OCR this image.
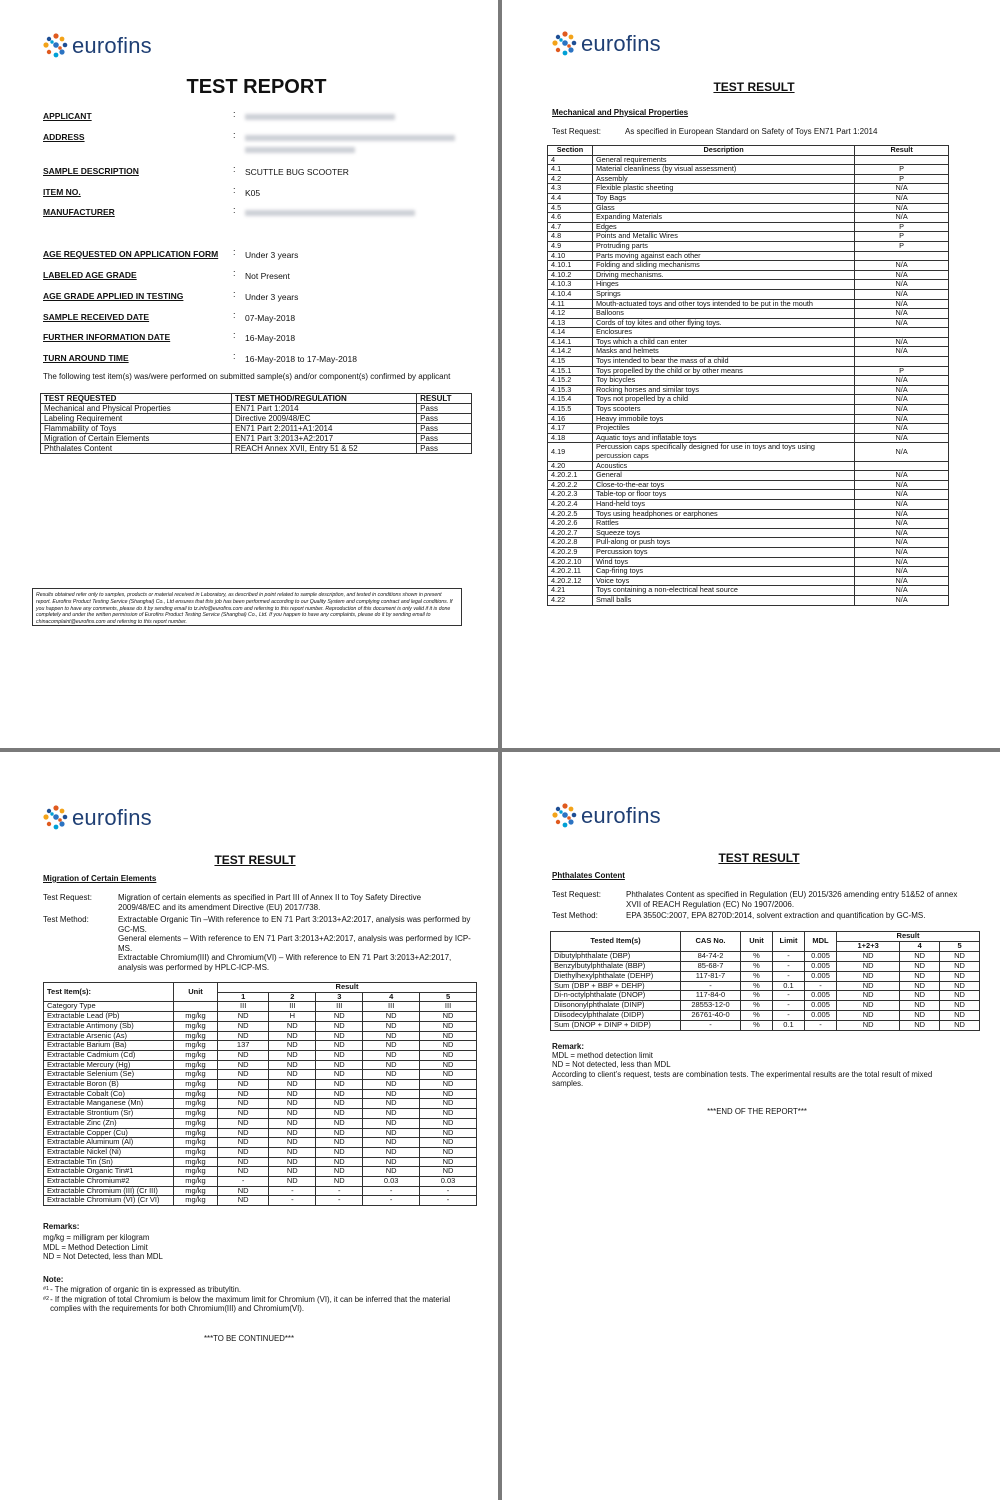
eurofins
TEST REPORT
APPLICANT	:
ADDRESS	:
SAMPLE DESCRIPTION	: SCUTTLE BUG SCOOTER
ITEM NO.	: K05
MANUFACTURER	:
AGE REQUESTED ON APPLICATION FORM : Under 3 years
LABELED AGE GRADE	: Not Present
AGE GRADE APPLIED IN TESTING	: Under 3 years
SAMPLE RECEIVED DATE	: 07-May-2018
FURTHER INFORMATION DATE	: 16-May-2018
TURN AROUND TIME	: 16-May-2018 to 17-May-2018
The following test item(s) was/were performed on submitted sample(s) and/or component(s) confirmed by applicant
TEST REQUESTED	TEST METHOD/REGULATION	RESULT
Mechanical and Physical Properties	EN71 Part 1:2014	Pass
Labeling Requirement	Directive 2009/48/EC	Pass
Flammability of Toys	EN71 Part 2:2011+A1:2014	Pass
Migration of Certain Elements	EN71 Part 3:2013+A2:2017	Pass
Phthalates Content	REACH Annex XVII, Entry 51 & 52	Pass
Results obtained refer only to samples, products or material received in Laboratory, as described in point related to sample description, and tested in conditions shown in present report. Eurofins Product Testing Service (Shanghai) Co., Ltd ensures that this job has been performed according to our Quality System and complying contract and legal conditions. If you happen to have any comments, please do it by sending email to tz.info@eurofins.com and referring to this report number. Reproduction of this document is only valid if it is done completely and under the written permission of Eurofins Product Testing Service (Shanghai) Co., Ltd. If you happen to have any complaints, please do it by sending email to chinacomplaint@eurofins.com and referring to this report number.
eurofins
TEST RESULT
Mechanical and Physical Properties
Test Request:	As specified in European Standard on Safety of Toys EN71 Part 1:2014
Section	Description	Result
4	General requirements	
4.1	Material cleanliness (by visual assessment)	P
4.2	Assembly	P
4.3	Flexible plastic sheeting	N/A
4.4	Toy Bags	N/A
4.5	Glass	N/A
4.6	Expanding Materials	N/A
4.7	Edges	P
4.8	Points and Metallic Wires	P
4.9	Protruding parts	P
4.10	Parts moving against each other	
4.10.1	Folding and sliding mechanisms	N/A
4.10.2	Driving mechanisms.	N/A
4.10.3	Hinges	N/A
4.10.4	Springs	N/A
4.11	Mouth-actuated toys and other toys intended to be put in the mouth	N/A
4.12	Balloons	N/A
4.13	Cords of toy kites and other flying toys.	N/A
4.14	Enclosures	
4.14.1	Toys which a child can enter	N/A
4.14.2	Masks and helmets	N/A
4.15	Toys intended to bear the mass of a child	
4.15.1	Toys propelled by the child or by other means	P
4.15.2	Toy bicycles	N/A
4.15.3	Rocking horses and similar toys	N/A
4.15.4	Toys not propelled by a child	N/A
4.15.5	Toys scooters	N/A
4.16	Heavy immobile toys	N/A
4.17	Projectiles	N/A
4.18	Aquatic toys and inflatable toys	N/A
4.19	Percussion caps specifically designed for use in toys and toys using percussion caps	N/A
4.20	Acoustics	
4.20.2.1	General	N/A
4.20.2.2	Close-to-the-ear toys	N/A
4.20.2.3	Table-top or floor toys	N/A
4.20.2.4	Hand-held toys	N/A
4.20.2.5	Toys using headphones or earphones	N/A
4.20.2.6	Rattles	N/A
4.20.2.7	Squeeze toys	N/A
4.20.2.8	Pull-along or push toys	N/A
4.20.2.9	Percussion toys	N/A
4.20.2.10	Wind toys	N/A
4.20.2.11	Cap-firing toys	N/A
4.20.2.12	Voice toys	N/A
4.21	Toys containing a non-electrical heat source	N/A
4.22	Small balls	N/A
eurofins
TEST RESULT
Migration of Certain Elements
Test Request:	Migration of certain elements as specified in Part III of Annex II to Toy Safety Directive 2009/48/EC and its amendment Directive (EU) 2017/738.
Test Method:	Extractable Organic Tin –With reference to EN 71 Part 3:2013+A2:2017, analysis was performed by GC-MS.
General elements – With reference to EN 71 Part 3:2013+A2:2017, analysis was performed by ICP-MS.
Extractable Chromium(III) and Chromium(VI) – With reference to EN 71 Part 3:2013+A2:2017, analysis was performed by HPLC-ICP-MS.
Test Item(s):	Unit	Result				
		1	2	3	4	5
Category Type		III	III	III	III	III
Extractable Lead (Pb)	mg/kg	ND	H	ND	ND	ND
Extractable Antimony (Sb)	mg/kg	ND	ND	ND	ND	ND
Extractable Arsenic (As)	mg/kg	ND	ND	ND	ND	ND
Extractable Barium (Ba)	mg/kg	137	ND	ND	ND	ND
Extractable Cadmium (Cd)	mg/kg	ND	ND	ND	ND	ND
Extractable Mercury (Hg)	mg/kg	ND	ND	ND	ND	ND
Extractable Selenium (Se)	mg/kg	ND	ND	ND	ND	ND
Extractable Boron (B)	mg/kg	ND	ND	ND	ND	ND
Extractable Cobalt (Co)	mg/kg	ND	ND	ND	ND	ND
Extractable Manganese (Mn)	mg/kg	ND	ND	ND	ND	ND
Extractable Strontium (Sr)	mg/kg	ND	ND	ND	ND	ND
Extractable Zinc (Zn)	mg/kg	ND	ND	ND	ND	ND
Extractable Copper (Cu)	mg/kg	ND	ND	ND	ND	ND
Extractable Aluminum (Al)	mg/kg	ND	ND	ND	ND	ND
Extractable Nickel (Ni)	mg/kg	ND	ND	ND	ND	ND
Extractable Tin (Sn)	mg/kg	ND	ND	ND	ND	ND
Extractable Organic Tin#1	mg/kg	ND	ND	ND	ND	ND
Extractable Chromium#2	mg/kg	-	ND	ND	0.03	0.03
Extractable Chromium (III) (Cr III)	mg/kg	ND	-	-	-	-
Extractable Chromium (VI) (Cr VI)	mg/kg	ND	-	-	-	-
Remarks:
mg/kg = milligram per kilogram
MDL = Method Detection Limit
ND = Not Detected, less than MDL
Note:
#1 - The migration of organic tin is expressed as tributyltin.
#2 - If the migration of total Chromium is below the maximum limit for Chromium (VI), it can be inferred that the material complies with the requirements for both Chromium(III) and Chromium(VI).
***TO BE CONTINUED***
eurofins
TEST RESULT
Phthalates Content
Test Request:	Phthalates Content as specified in Regulation (EU) 2015/326 amending entry 51&52 of annex XVII of REACH Regulation (EC) No 1907/2006.
Test Method:	EPA 3550C:2007, EPA 8270D:2014, solvent extraction and quantification by GC-MS.
Tested Item(s)	CAS No.	Unit	Limit	MDL	Result		
					1+2+3	4	5
Dibutylphthalate (DBP)	84-74-2	%	-	0.005	ND	ND	ND
Benzylbutylphthalate (BBP)	85-68-7	%	-	0.005	ND	ND	ND
Diethylhexylphthalate (DEHP)	117-81-7	%	-	0.005	ND	ND	ND
Sum (DBP + BBP + DEHP)	-	%	0.1	-	ND	ND	ND
Di-n-octylphthalate (DNOP)	117-84-0	%	-	0.005	ND	ND	ND
Diisononylphthalate (DINP)	28553-12-0	%	-	0.005	ND	ND	ND
Diisodecylphthalate (DIDP)	26761-40-0	%	-	0.005	ND	ND	ND
Sum (DNOP + DINP + DIDP)	-	%	0.1	-	ND	ND	ND
Remark:
MDL = method detection limit
ND = Not detected, less than MDL
According to client’s request, tests are combination tests. The experimental results are the total result of mixed samples.
***END OF THE REPORT***
